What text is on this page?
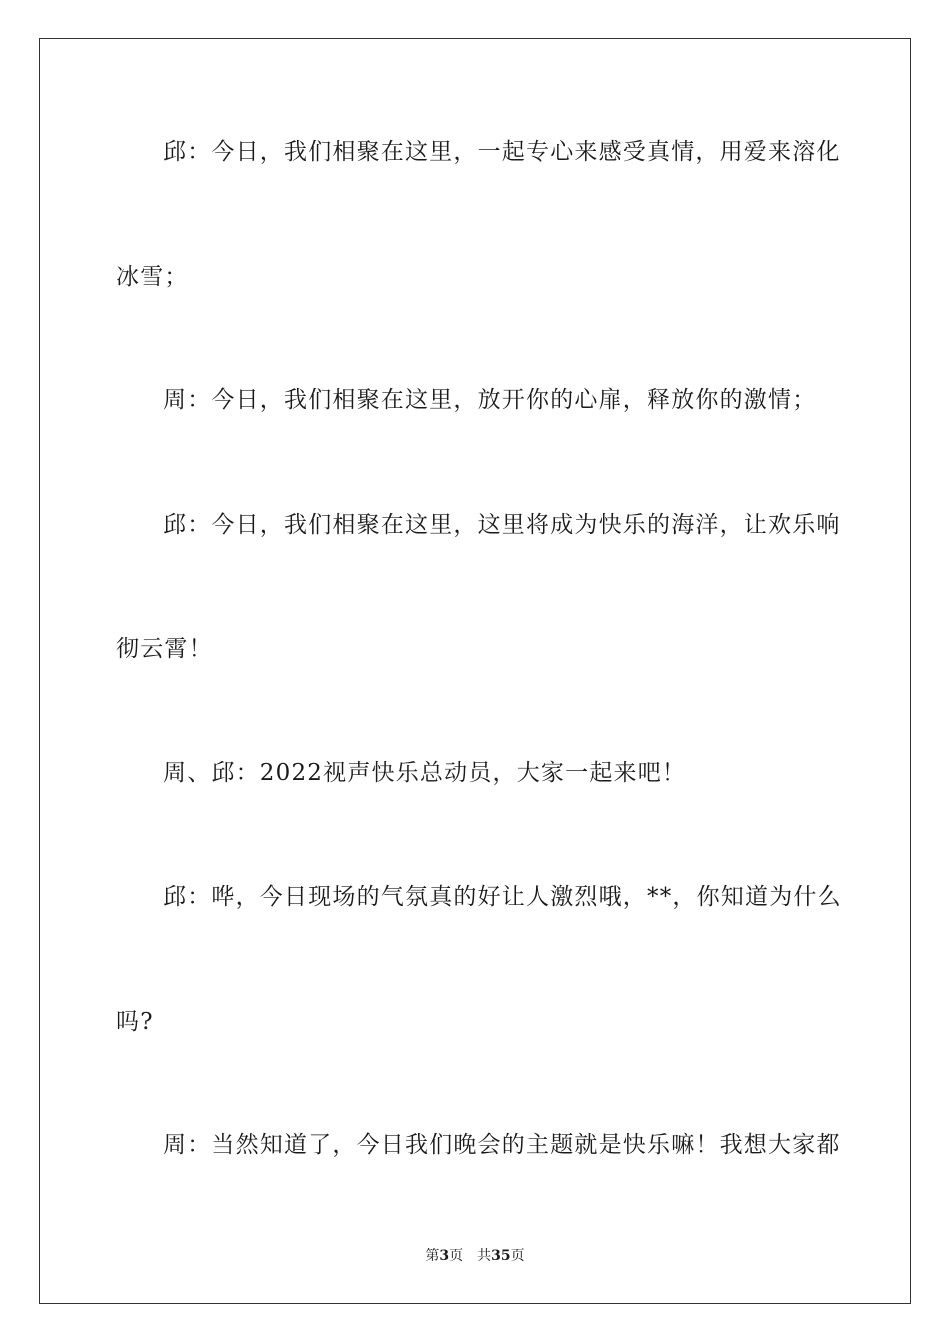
邱：今日，我们相聚在这里，一起专心来感受真情，用爱来溶化
冰雪；
周：今日，我们相聚在这里，放开你的心扉，释放你的激情；
邱：今日，我们相聚在这里，这里将成为快乐的海洋，让欢乐响
彻云霄！
周、邱：2022视声快乐总动员，大家一起来吧！
邱：哗，今日现场的气氛真的好让人激烈哦，**，你知道为什么
吗?
周：当然知道了，今日我们晚会的主题就是快乐嘛！我想大家都
第3页 共35页
